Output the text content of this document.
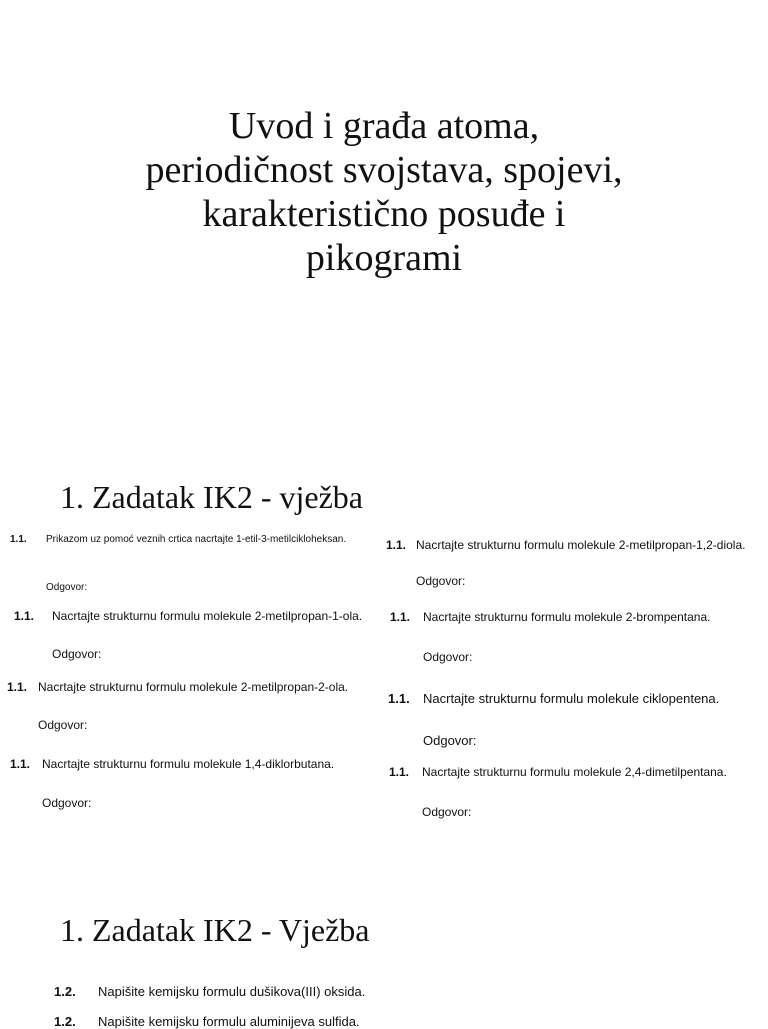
Uvod i građa atoma,
periodičnost svojstava, spojevi,
karakteristično posuđe i
pikogrami
1. Zadatak IK2 - vježba
1.1. Prikazom uz pomoć veznih crtica nacrtajte 1-etil-3-metilcikloheksan.
Odgovor:
1.1. Nacrtajte strukturnu formulu molekule 2-metilpropan-1-ola.
Odgovor:
1.1. Nacrtajte strukturnu formulu molekule 2-metilpropan-2-ola.
Odgovor:
1.1. Nacrtajte strukturnu formulu molekule 1,4-diklorbutana.
Odgovor:
1.1. Nacrtajte strukturnu formulu molekule 2-metilpropan-1,2-diola.
Odgovor:
1.1. Nacrtajte strukturnu formulu molekule 2-brompentana.
Odgovor:
1.1. Nacrtajte strukturnu formulu molekule ciklopentena.
Odgovor:
1.1. Nacrtajte strukturnu formulu molekule 2,4-dimetilpentana.
Odgovor:
1. Zadatak IK2 - Vježba
1.2. Napišite kemijsku formulu dušikova(III) oksida.
1.2. Napišite kemijsku formulu aluminijeva sulfida.
